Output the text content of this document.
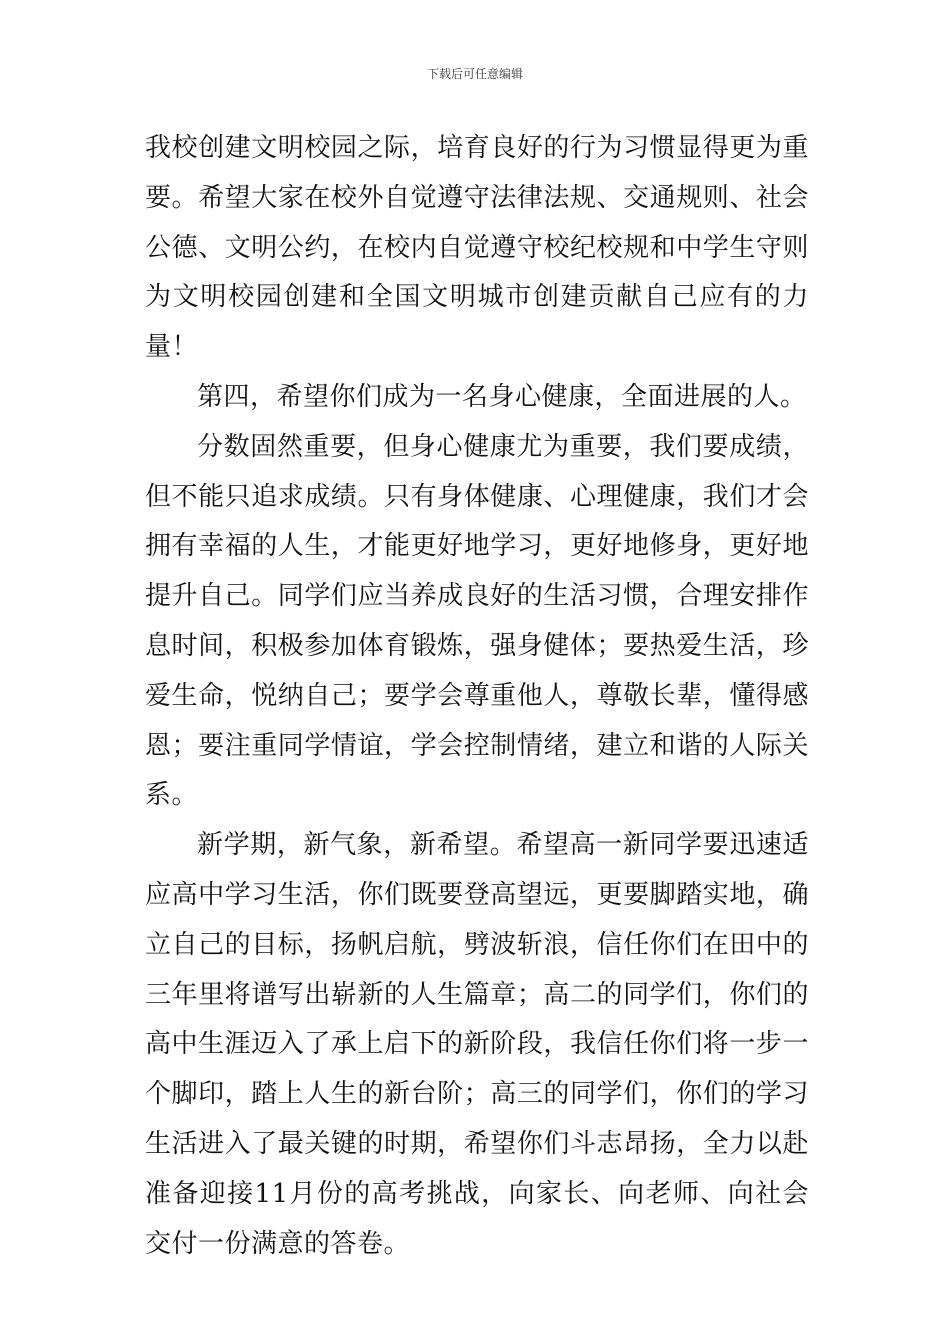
下载后可任意编辑

我校创建文明校园之际，培育良好的行为习惯显得更为重要。希望大家在校外自觉遵守法律法规、交通规则、社会公德、文明公约，在校内自觉遵守校纪校规和中学生守则为文明校园创建和全国文明城市创建贡献自己应有的力量！

第四，希望你们成为一名身心健康，全面进展的人。

分数固然重要，但身心健康尤为重要，我们要成绩，但不能只追求成绩。只有身体健康、心理健康，我们才会拥有幸福的人生，才能更好地学习，更好地修身，更好地提升自己。同学们应当养成良好的生活习惯，合理安排作息时间，积极参加体育锻炼，强身健体；要热爱生活，珍爱生命，悦纳自己；要学会尊重他人，尊敬长辈，懂得感恩；要注重同学情谊，学会控制情绪，建立和谐的人际关系。

新学期，新气象，新希望。希望高一新同学要迅速适应高中学习生活，你们既要登高望远，更要脚踏实地，确立自己的目标，扬帆启航，劈波斩浪，信任你们在田中的三年里将谱写出崭新的人生篇章；高二的同学们，你们的高中生涯迈入了承上启下的新阶段，我信任你们将一步一个脚印，踏上人生的新台阶；高三的同学们，你们的学习生活进入了最关键的时期，希望你们斗志昂扬，全力以赴准备迎接11月份的高考挑战，向家长、向老师、向社会交付一份满意的答卷。
